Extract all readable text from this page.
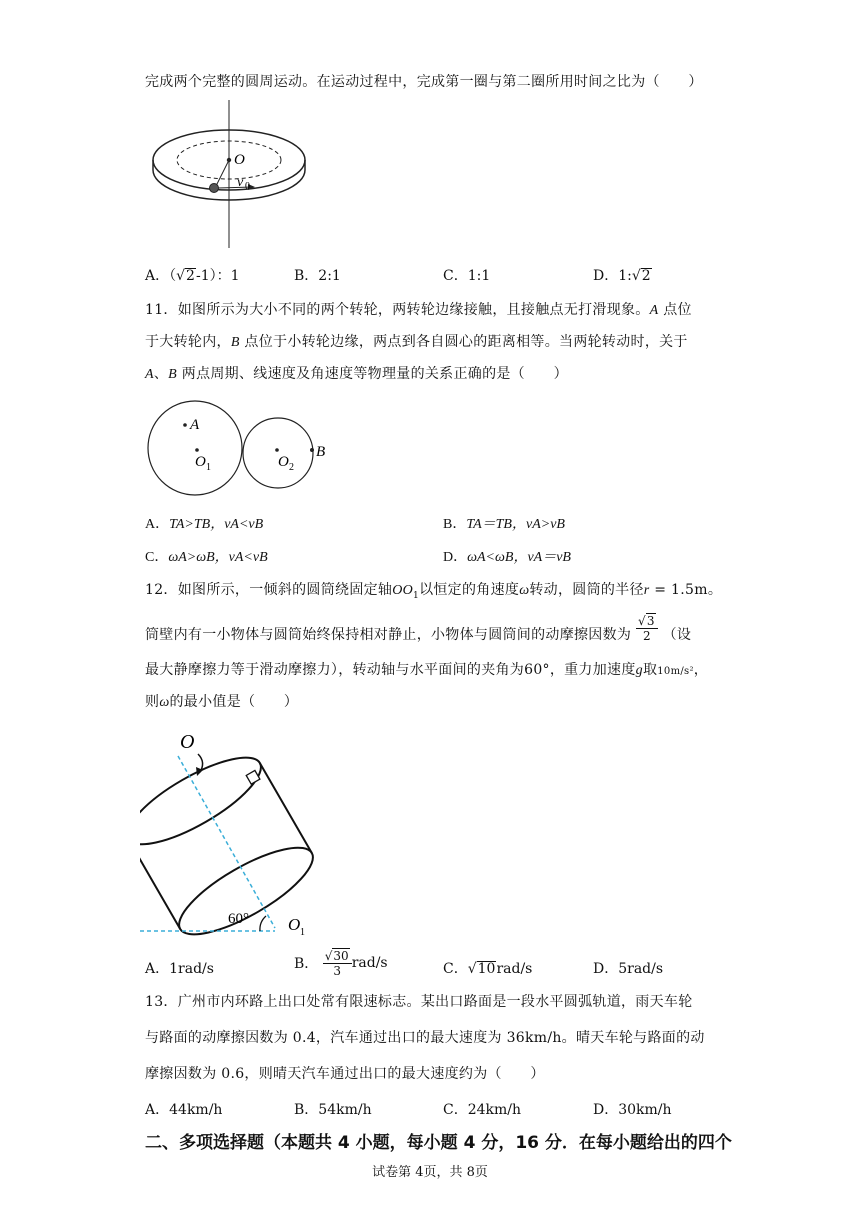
完成两个完整的圆周运动。在运动过程中，完成第一圈与第二圈所用时间之比为（　　）
O
v 0
A．（√2-1）：1	B．2:1	C．1:1	D．1:√2
11．如图所示为大小不同的两个转轮，两转轮边缘接触，且接触点无打滑现象。A 点位
于大转轮内，B 点位于小转轮边缘，两点到各自圆心的距离相等。当两轮转动时，关于
A、B 两点周期、线速度及角速度等物理量的关系正确的是（　　）
A
O 1	O 2
B
A．TA>TB，vA<vB	B．TA＝TB，vA>vB
C．ωA>ωB，vA<vB	D．ωA<ωB，vA＝vB
12．如图所示，一倾斜的圆筒绕固定轴$OO_1$以恒定的角速度ω转动，圆筒的半径r = 1.5m。
筒壁内有一小物体与圆筒始终保持相对静止，小物体与圆筒间的动摩擦因数为 $\frac{√3}{2}$ （设
最大静摩擦力等于滑动摩擦力），转动轴与水平面间的夹角为60°，重力加速度g取10m/s²，
则ω的最小值是（　　）
O
60° O 1
A．1rad/s	B． $\frac{√30}{3} rad/s$	C．√10rad/s	D．5rad/s
13．广州市内环路上出口处常有限速标志。某出口路面是一段水平圆弧轨道，雨天车轮
与路面的动摩擦因数为 0.4，汽车通过出口的最大速度为 36km/h。晴天车轮与路面的动
摩擦因数为 0.6，则晴天汽车通过出口的最大速度约为（　　）
A．44km/h	B．54km/h	C．24km/h	D．30km/h
二、多项选择题（本题共 4 小题，每小题 4 分，16 分．在每小题给出的四个
试卷第 4页，共 8页
